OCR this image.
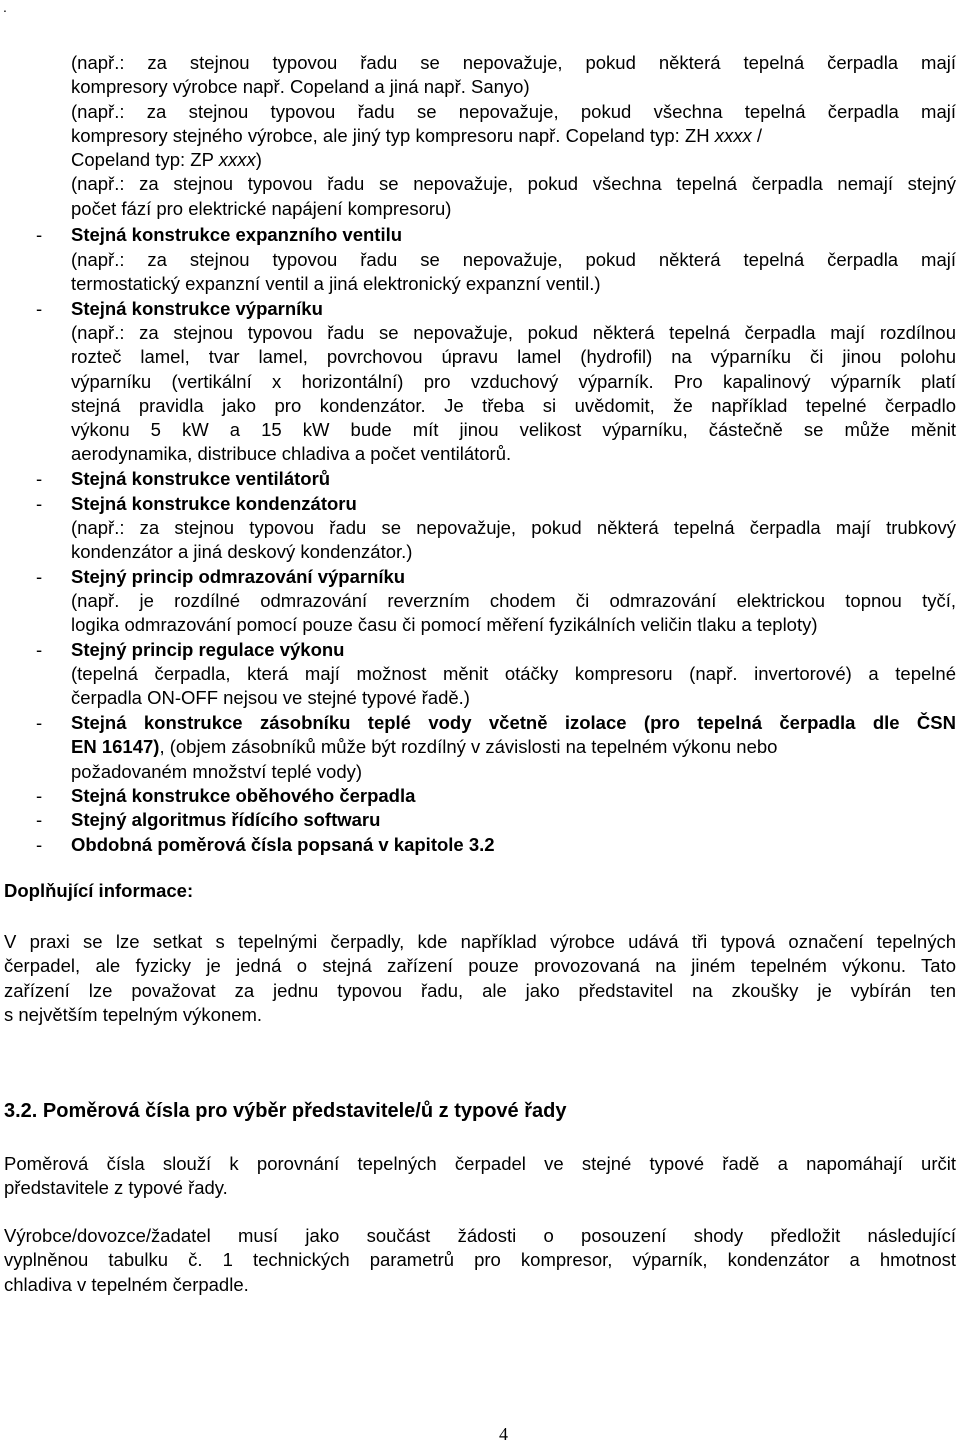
.
(např.: za stejnou typovou řadu se nepovažuje, pokud některá tepelná čerpadla mají
kompresory výrobce např. Copeland a jiná např. Sanyo)
(např.: za stejnou typovou řadu se nepovažuje, pokud všechna tepelná čerpadla mají
kompresory stejného výrobce, ale jiný typ kompresoru např. Copeland typ: ZH xxxx /
Copeland typ: ZP xxxx)
(např.: za stejnou typovou řadu se nepovažuje, pokud všechna tepelná čerpadla nemají stejný
počet fází pro elektrické napájení kompresoru)
- Stejná konstrukce expanzního ventilu
(např.: za stejnou typovou řadu se nepovažuje, pokud některá tepelná čerpadla mají
termostatický expanzní ventil a jiná elektronický expanzní ventil.)
- Stejná konstrukce výparníku
(např.: za stejnou typovou řadu se nepovažuje, pokud některá tepelná čerpadla mají rozdílnou
rozteč lamel, tvar lamel, povrchovou úpravu lamel (hydrofil) na výparníku či jinou polohu
výparníku (vertikální x horizontální) pro vzduchový výparník. Pro kapalinový výparník platí
stejná pravidla jako pro kondenzátor. Je třeba si uvědomit, že například tepelné čerpadlo
výkonu 5 kW a 15 kW bude mít jinou velikost výparníku, částečně se může měnit
aerodynamika, distribuce chladiva a počet ventilátorů.
- Stejná konstrukce ventilátorů
- Stejná konstrukce kondenzátoru
(např.: za stejnou typovou řadu se nepovažuje, pokud některá tepelná čerpadla mají trubkový
kondenzátor a jiná deskový kondenzátor.)
- Stejný princip odmrazování výparníku
(např. je rozdílné odmrazování reverzním chodem či odmrazování elektrickou topnou tyčí,
logika odmrazování pomocí pouze času či pomocí měření fyzikálních veličin tlaku a teploty)
- Stejný princip regulace výkonu
(tepelná čerpadla, která mají možnost měnit otáčky kompresoru (např. invertorové) a tepelné
čerpadla ON-OFF nejsou ve stejné typové řadě.)
- Stejná konstrukce zásobníku teplé vody včetně izolace (pro tepelná čerpadla dle ČSN
EN 16147), (objem zásobníků může být rozdílný v závislosti na tepelném výkonu nebo
požadovaném množství teplé vody)
- Stejná konstrukce oběhového čerpadla
- Stejný algoritmus řídícího softwaru
- Obdobná poměrová čísla popsaná v kapitole 3.2
Doplňující informace:
V praxi se lze setkat s tepelnými čerpadly, kde například výrobce udává tři typová označení tepelných
čerpadel, ale fyzicky je jedná o stejná zařízení pouze provozovaná na jiném tepelném výkonu. Tato
zařízení lze považovat za jednu typovou řadu, ale jako představitel na zkoušky je vybírán ten
s největším tepelným výkonem.
3.2. Poměrová čísla pro výběr představitele/ů z typové řady
Poměrová čísla slouží k porovnání tepelných čerpadel ve stejné typové řadě a napomáhají určit
představitele z typové řady.
Výrobce/dovozce/žadatel musí jako součást žádosti o posouzení shody předložit následující
vyplněnou tabulku č. 1 technických parametrů pro kompresor, výparník, kondenzátor a hmotnost
chladiva v tepelném čerpadle.
4
